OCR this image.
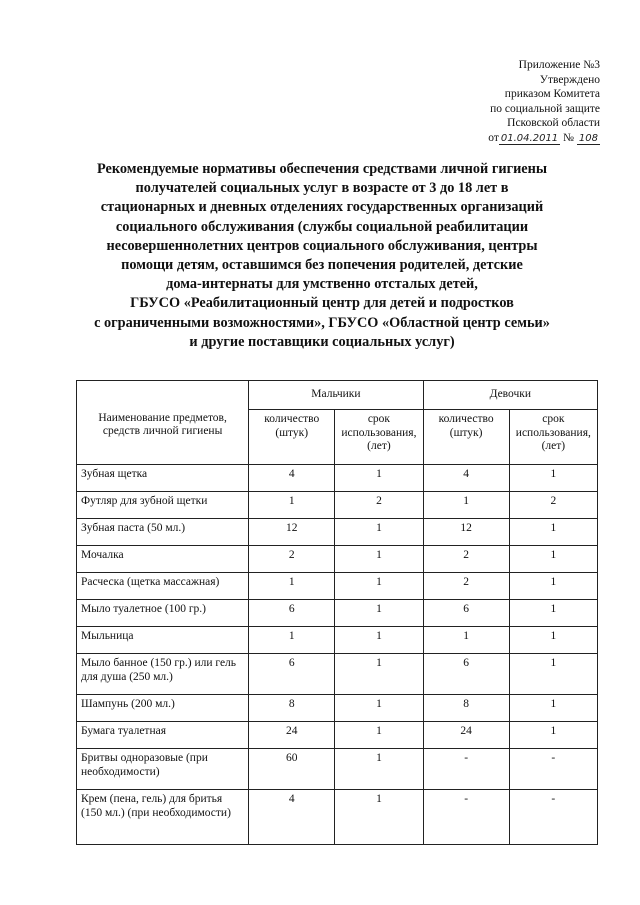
Приложение №3
Утверждено
приказом Комитета
по социальной защите
Псковской области
от 01.04.2011 № 108
Рекомендуемые нормативы обеспечения средствами личной гигиены
получателей социальных услуг в возрасте от 3 до 18 лет в
стационарных и дневных отделениях государственных организаций
социального обслуживания (службы социальной реабилитации
несовершеннолетних центров социального обслуживания, центры
помощи детям, оставшимся без попечения родителей, детские
дома-интернаты для умственно отсталых детей,
ГБУСО «Реабилитационный центр для детей и подростков
с ограниченными возможностями», ГБУСО «Областной центр семьи»
и другие поставщики социальных услуг)
Наименование предметов, средств личной гигиены	Мальчики		Девочки	
	количество (штук)	срок использования, (лет)	количество (штук)	срок использования, (лет)
Зубная щетка	4	1	4	1
Футляр для зубной щетки	1	2	1	2
Зубная паста (50 мл.)	12	1	12	1
Мочалка	2	1	2	1
Расческа (щетка массажная)	1	1	2	1
Мыло туалетное (100 гр.)	6	1	6	1
Мыльница	1	1	1	1
Мыло банное (150 гр.) или гель для душа (250 мл.)	6	1	6	1
Шампунь (200 мл.)	8	1	8	1
Бумага туалетная	24	1	24	1
Бритвы одноразовые (при необходимости)	60	1	-	-
Крем (пена, гель) для бритья (150 мл.) (при необходимости)	4	1	-	-
